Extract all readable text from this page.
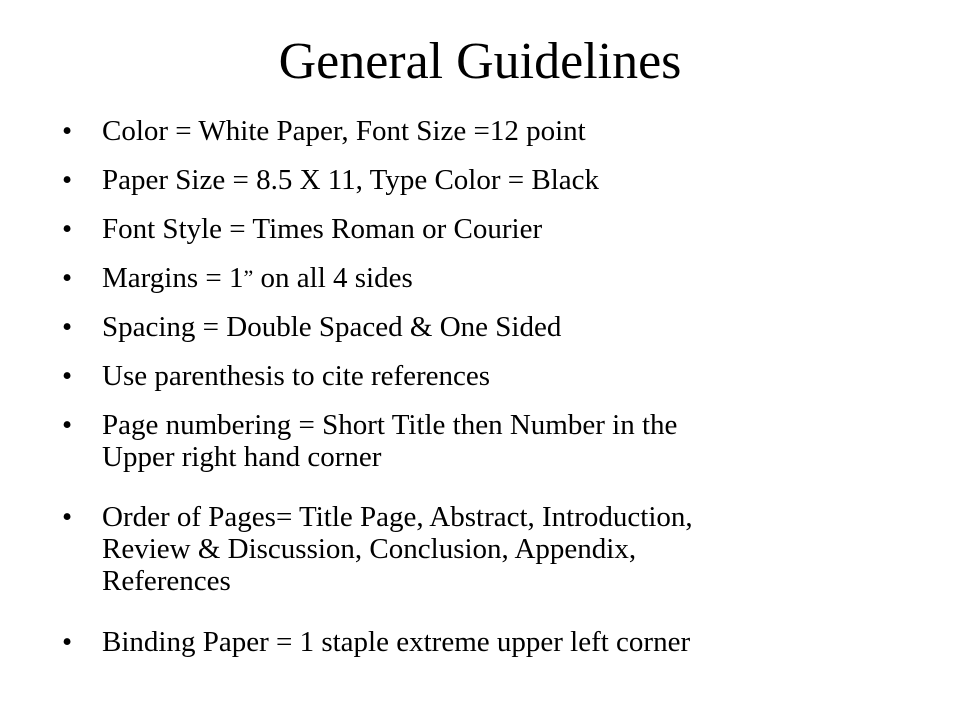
General Guidelines
•	Color = White Paper, Font Size =12 point
•	Paper Size = 8.5 X 11, Type Color = Black
•	Font Style = Times Roman or Courier
•	Margins = 1” on all 4 sides
•	Spacing = Double Spaced & One Sided
•	Use parenthesis to cite references
•	Page numbering = Short Title then Number in the
Upper right hand corner
•	Order of Pages= Title Page, Abstract, Introduction,
Review & Discussion, Conclusion, Appendix,
References
•	Binding Paper = 1 staple extreme upper left corner
